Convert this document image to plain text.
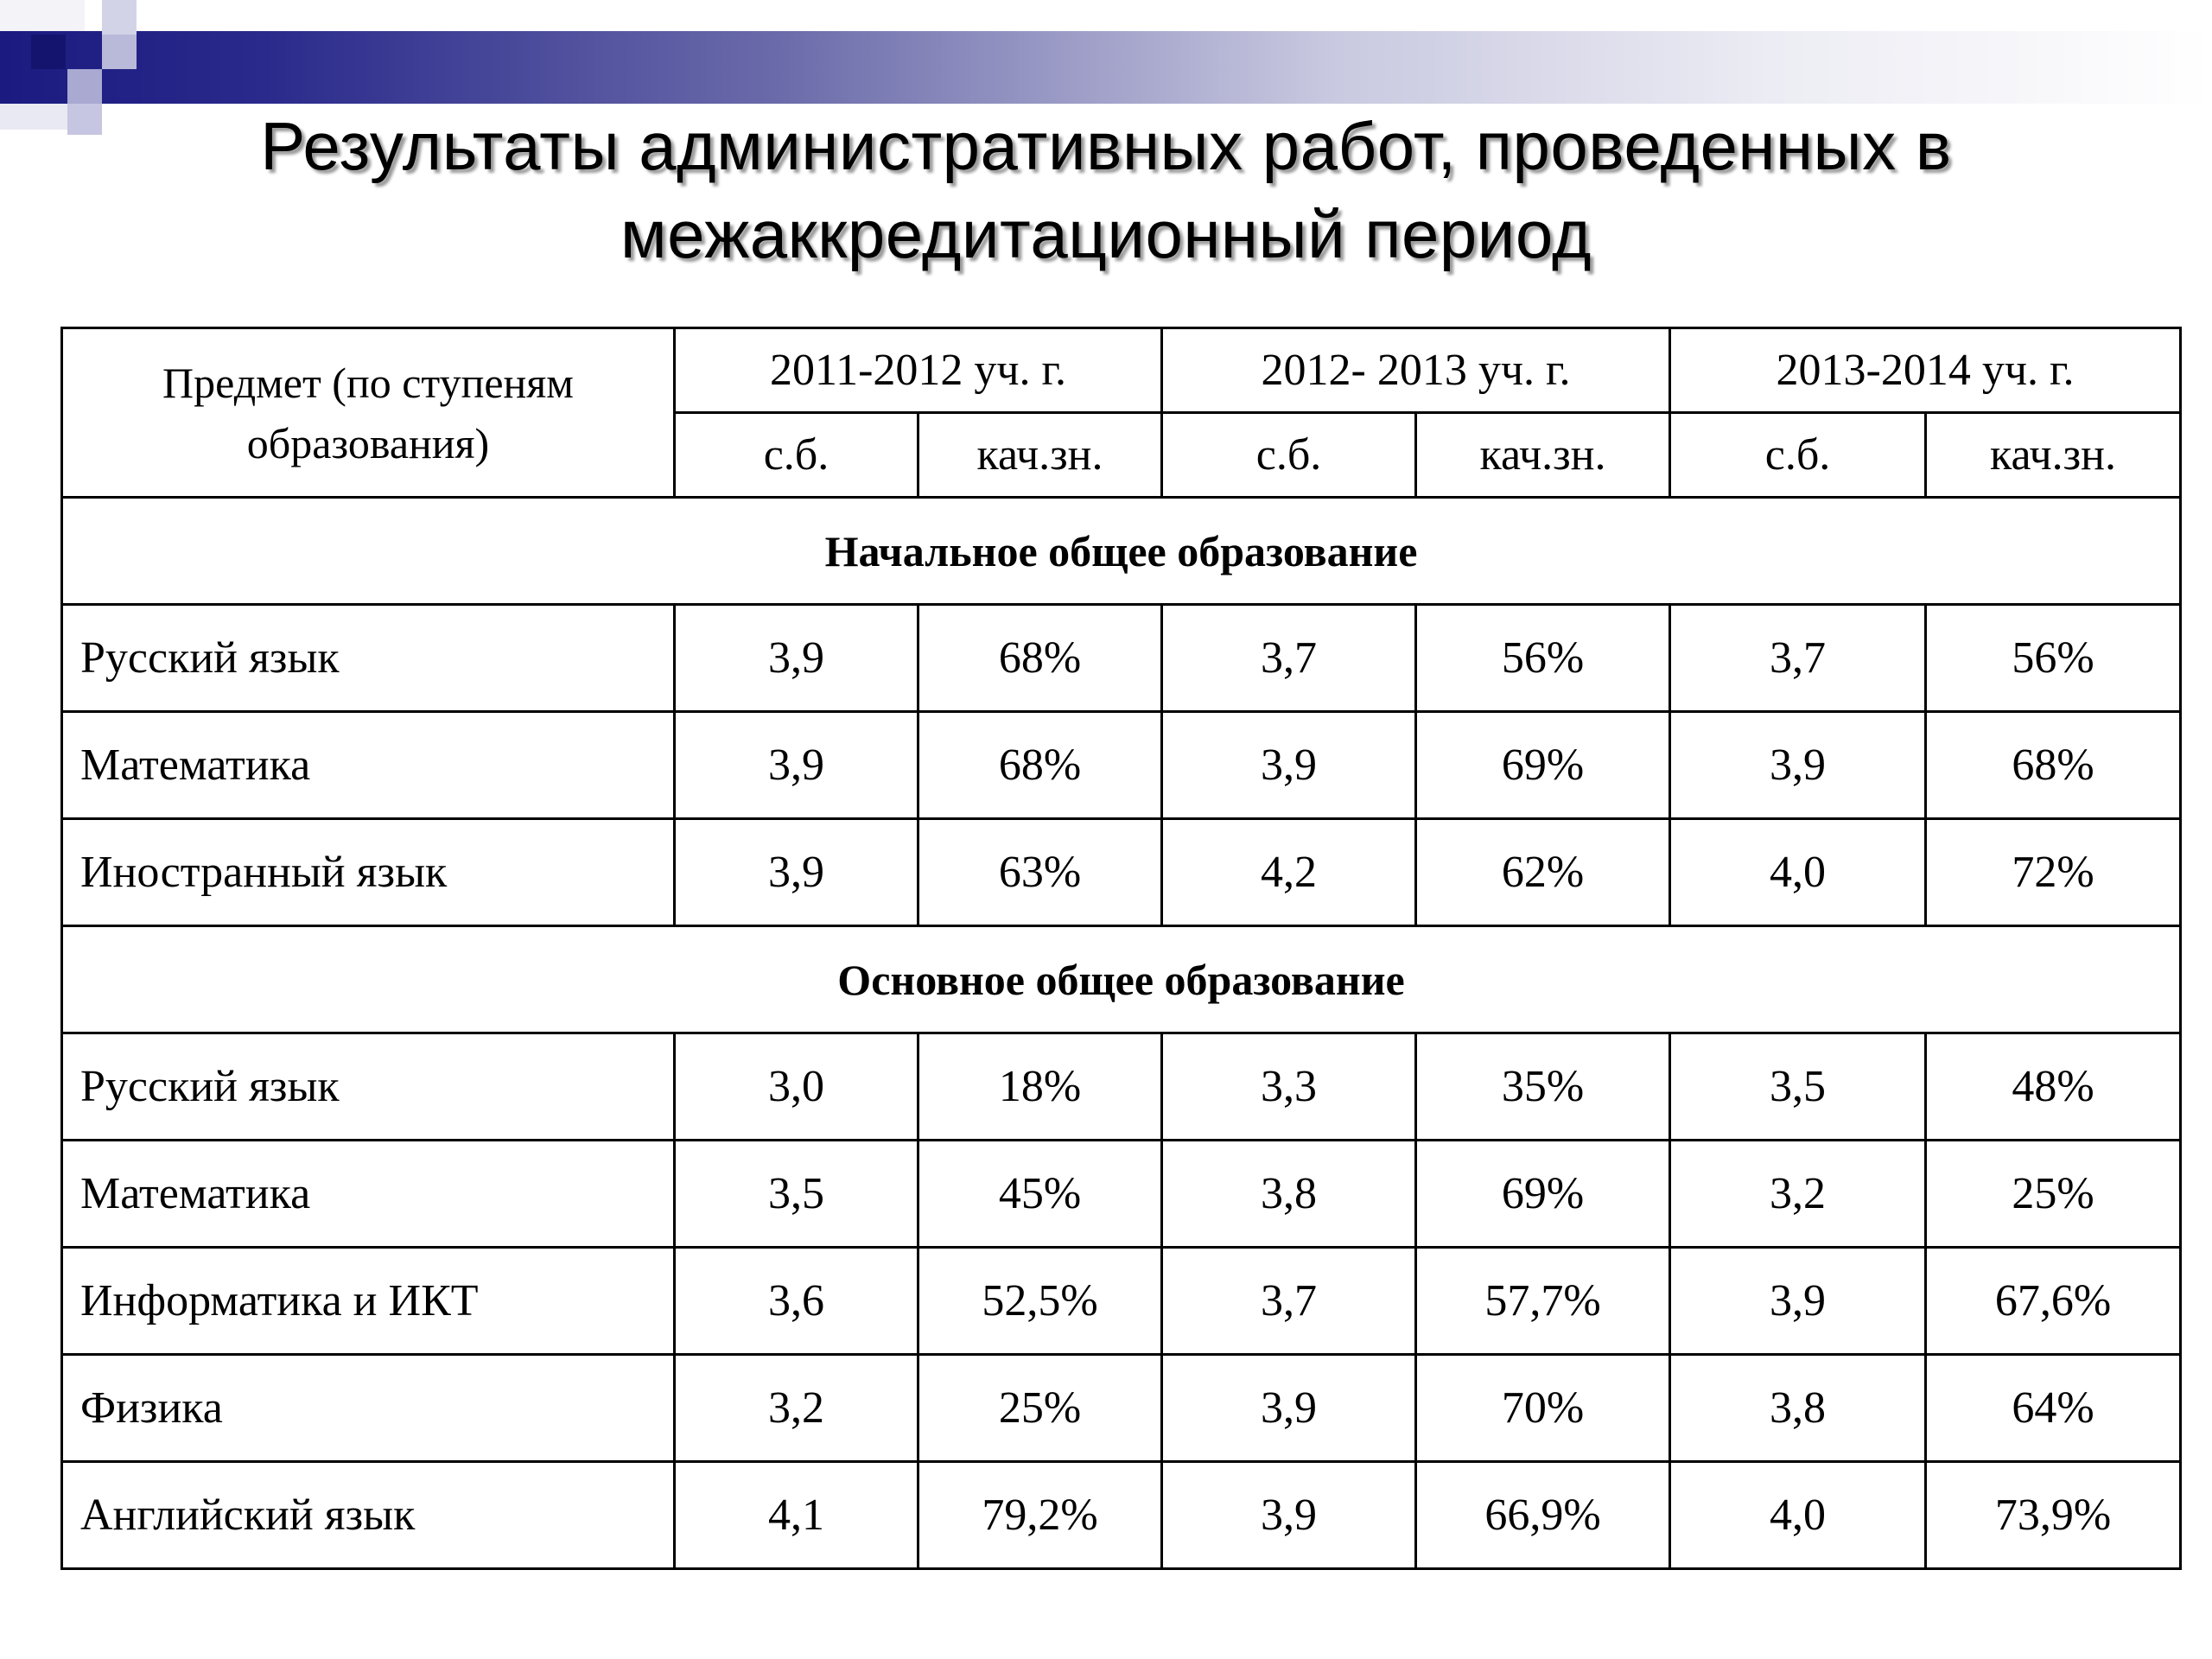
Результаты административных работ, проведенных в межаккредитационный период
Предмет (по ступеням образования)	2011-2012 уч. г.		2012- 2013 уч. г.		2013-2014 уч. г.	
	с.б.	кач.зн.	с.б.	кач.зн.	с.б.	кач.зн.
Начальное общее образование						
Русский язык	3,9	68%	3,7	56%	3,7	56%
Математика	3,9	68%	3,9	69%	3,9	68%
Иностранный язык	3,9	63%	4,2	62%	4,0	72%
Основное общее образование						
Русский язык	3,0	18%	3,3	35%	3,5	48%
Математика	3,5	45%	3,8	69%	3,2	25%
Информатика и ИКТ	3,6	52,5%	3,7	57,7%	3,9	67,6%
Физика	3,2	25%	3,9	70%	3,8	64%
Английский язык	4,1	79,2%	3,9	66,9%	4,0	73,9%
